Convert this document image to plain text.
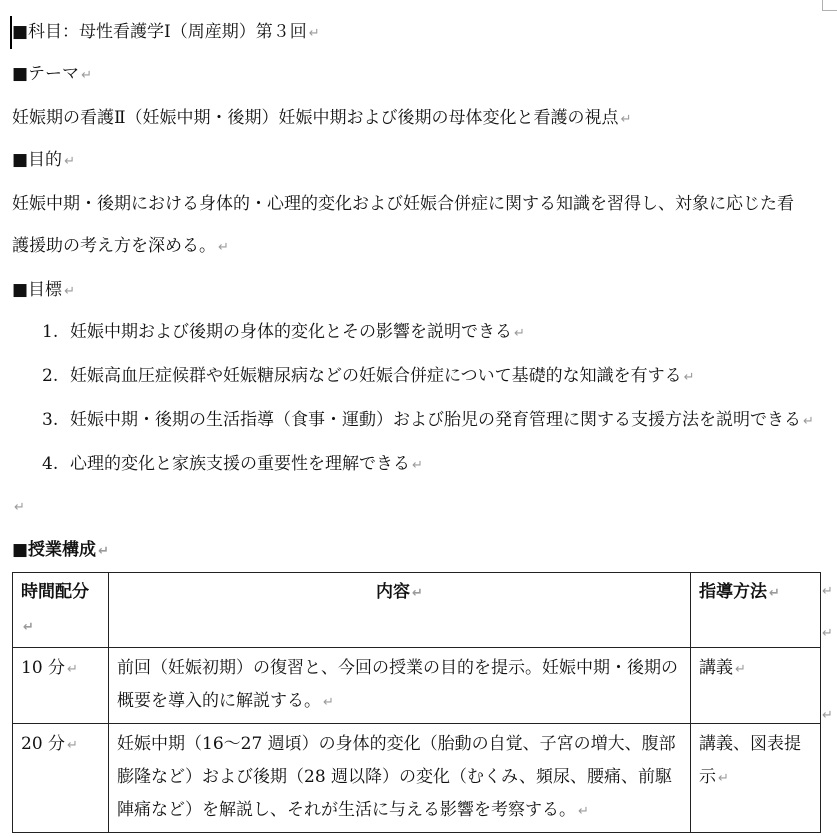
■科目：母性看護学Ⅰ（周産期）第３回 ↵
■テーマ ↵
妊娠期の看護Ⅱ（妊娠中期・後期）妊娠中期および後期の母体変化と看護の視点 ↵
■目的 ↵
妊娠中期・後期における身体的・心理的変化および妊娠合併症に関する知識を習得し、対象に応じた看
護援助の考え方を深める。 ↵
■目標 ↵
1. 妊娠中期および後期の身体的変化とその影響を説明できる ↵
2. 妊娠高血圧症候群や妊娠糖尿病などの妊娠合併症について基礎的な知識を有する ↵
3. 妊娠中期・後期の生活指導（食事・運動）および胎児の発育管理に関する支援方法を説明できる ↵
4. 心理的変化と家族支援の重要性を理解できる ↵
↵
■授業構成 ↵
時間配分↵	内容 ↵	指導方法 ↵
10 分 ↵	前回（妊娠初期）の復習と、今回の授業の目的を提示。妊娠中期・後期の概要を導入的に解説する。 ↵	講義 ↵
20 分 ↵	妊娠中期（16～27 週頃）の身体的変化（胎動の自覚、子宮の増大、腹部膨隆など）および後期（28 週以降）の変化（むくみ、頻尿、腰痛、前駆陣痛など）を解説し、それが生活に与える影響を考察する。 ↵	講義、図表提示 ↵
↵
↵
↵
